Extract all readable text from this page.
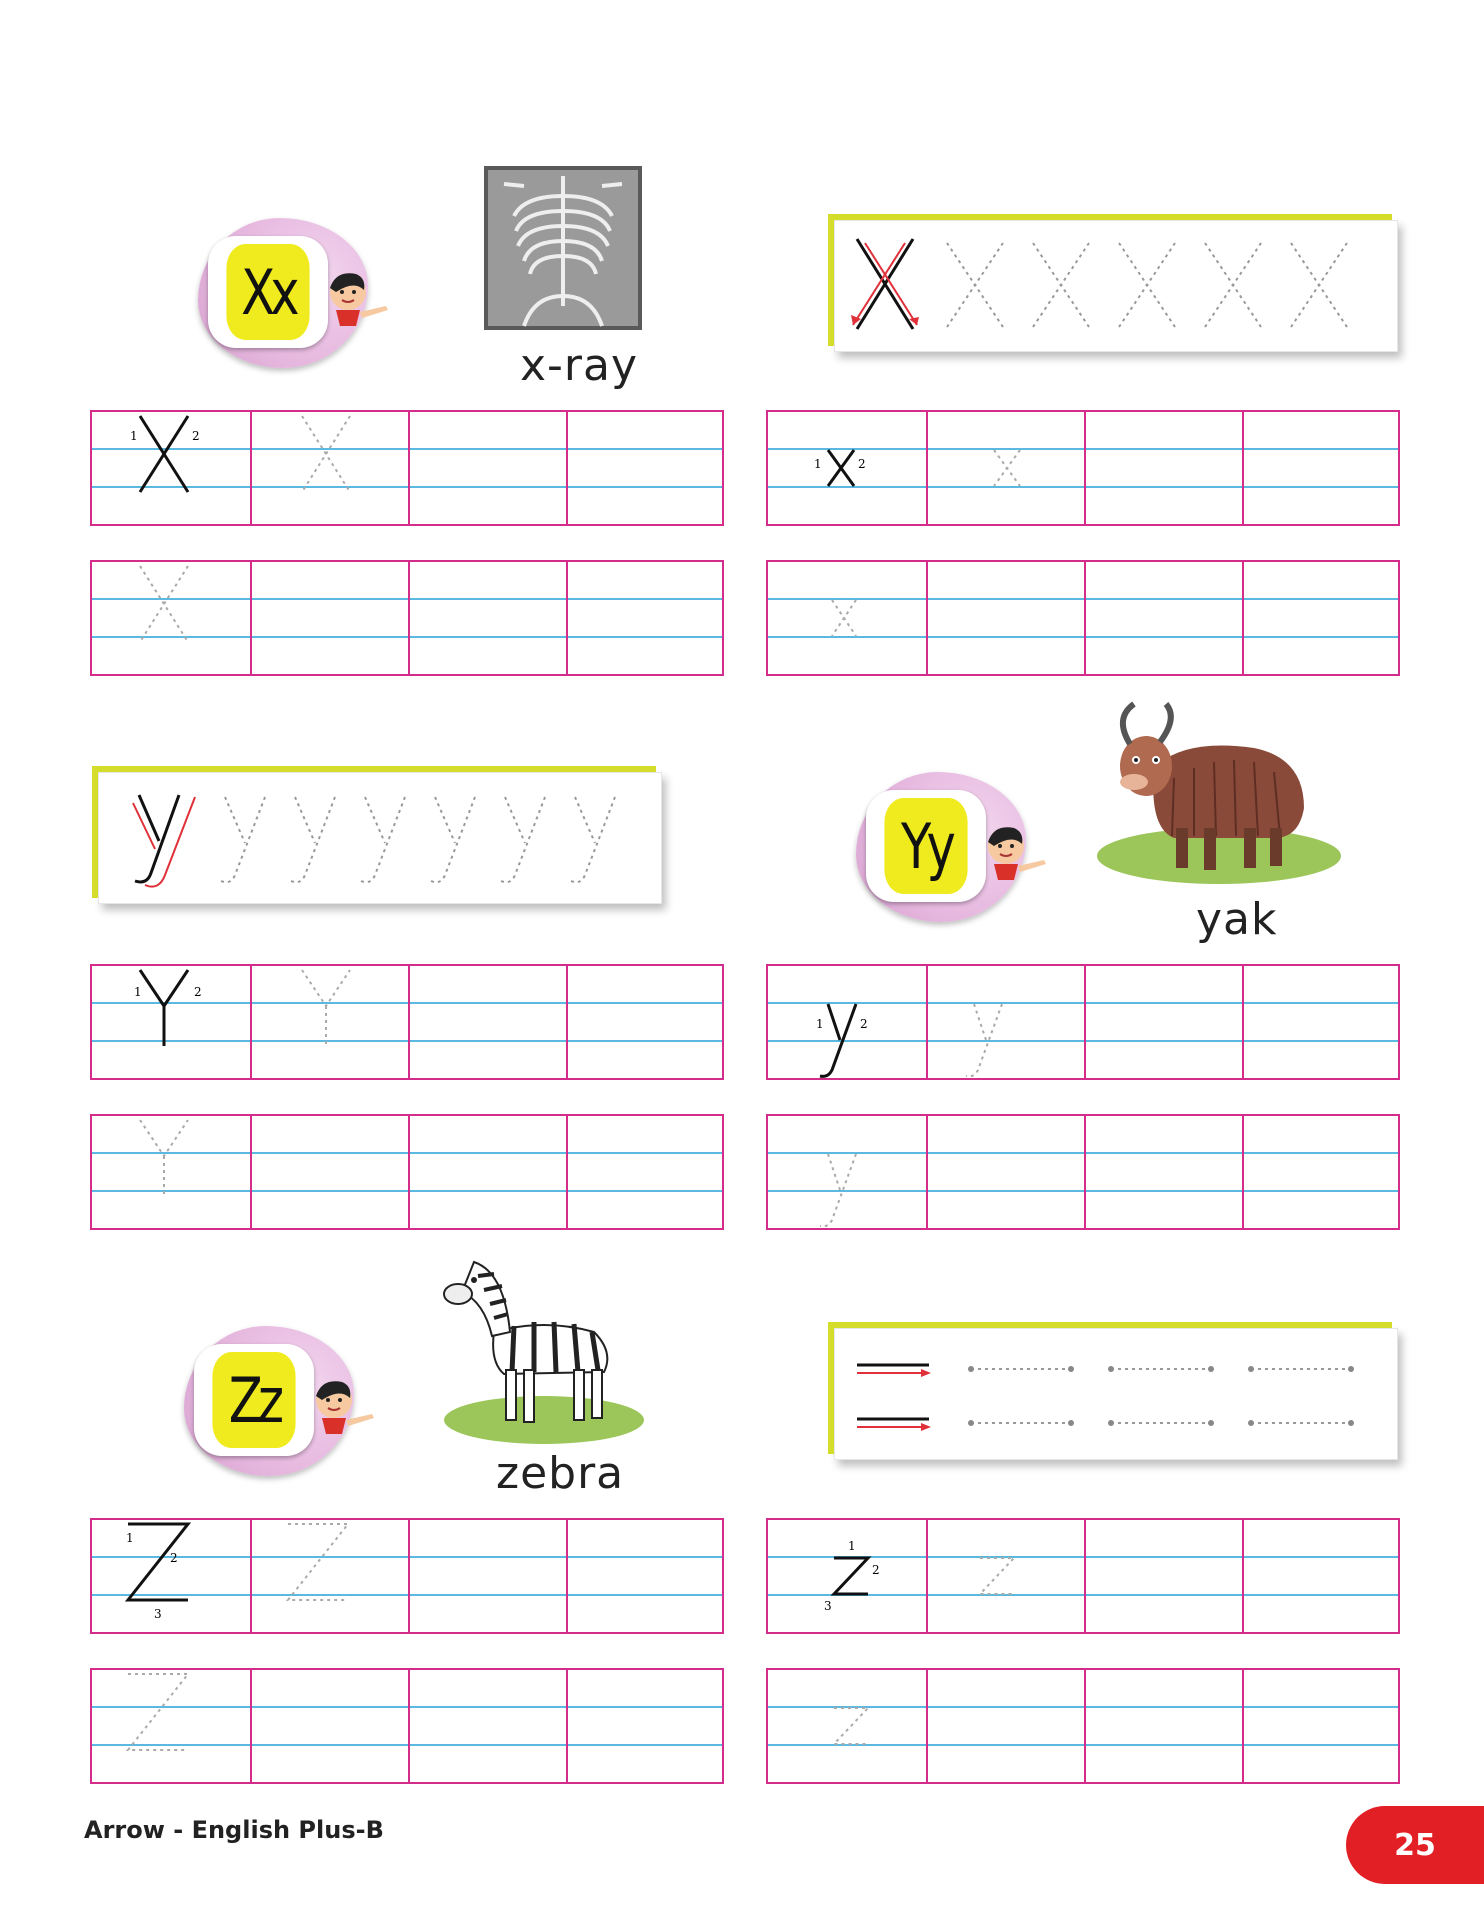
Xx
x-ray
1	2
1	2
Yy
yak
1	2
1	2
Zz
zebra
1
2
3
1
2
3
Arrow - English Plus-B	25
